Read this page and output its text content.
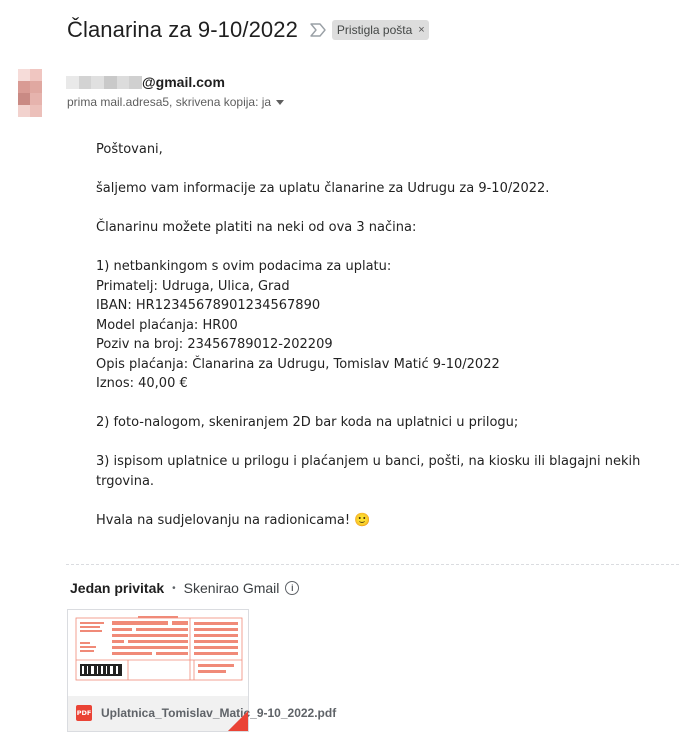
Članarina za 9-10/2022	Pristigla pošta ×
@gmail.com
prima mail.adresa5, skrivena kopija: ja

Poštovani,

šaljemo vam informacije za uplatu članarine za Udrugu za 9-10/2022.

Članarinu možete platiti na neki od ova 3 načina:

1) netbankingom s ovim podacima za uplatu:

Primatelj: Udruga, Ulica, Grad

IBAN: HR12345678901234567890

Model plaćanja: HR00

Poziv na broj: 23456789012-202209

Opis plaćanja: Članarina za Udrugu, Tomislav Matić 9-10/2022

Iznos: 40,00 €

2) foto-nalogom, skeniranjem 2D bar koda na uplatnici u prilogu;

3) ispisom uplatnice u prilogu i plaćanjem u banci, pošti, na kiosku ili blagajni nekih trgovina.

Hvala na sudjelovanju na radionicama! 🙂

Jedan privitak • Skenirao Gmail	i
PDF Uplatnica_Tomislav_Matic_9-10_2022.pdf
